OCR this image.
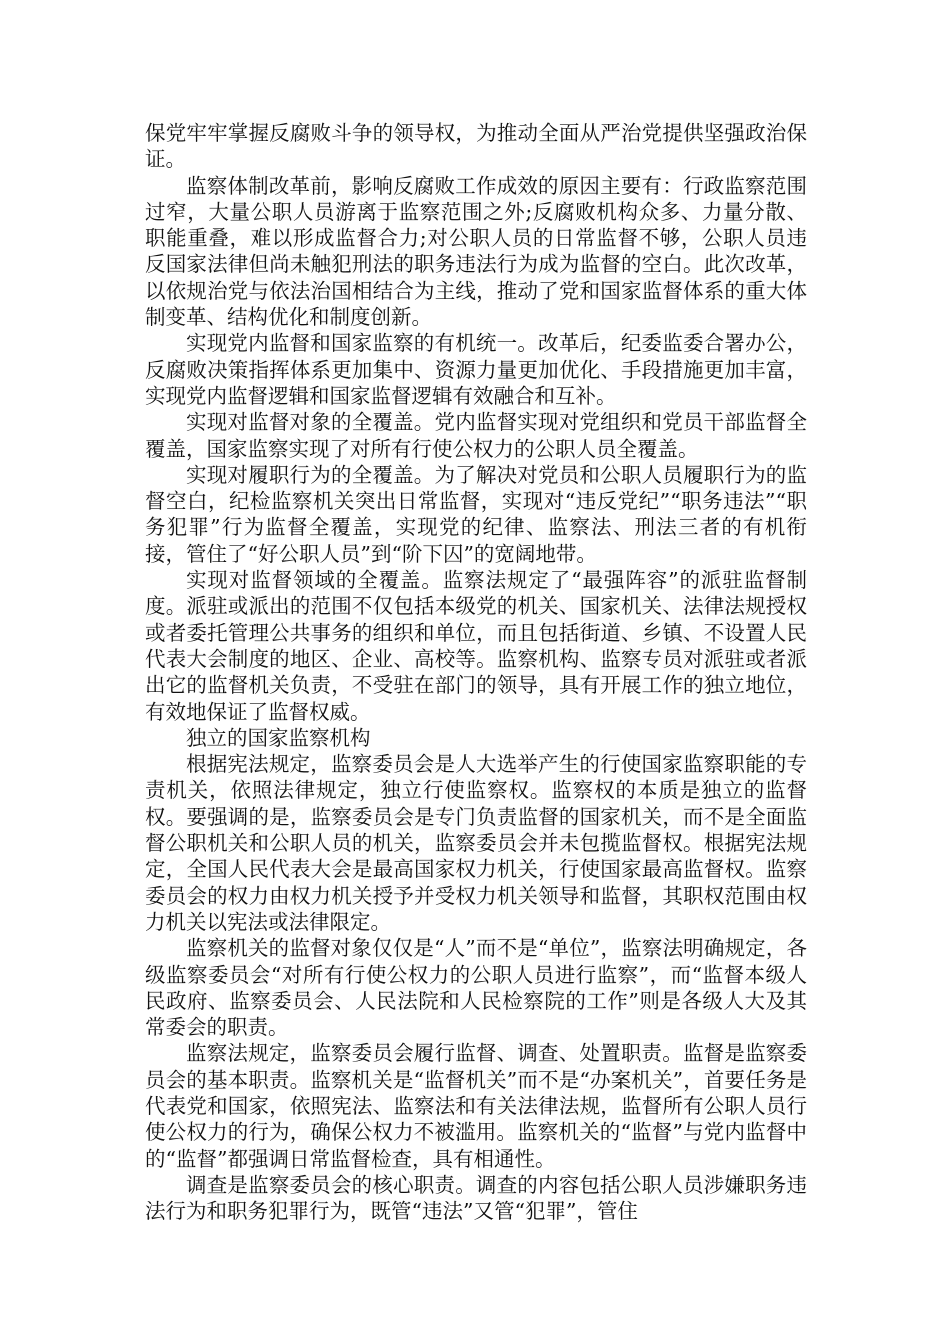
保党牢牢掌握反腐败斗争的领导权，为推动全面从严治党提供坚强政治保证。

监察体制改革前，影响反腐败工作成效的原因主要有：行政监察范围过窄，大量公职人员游离于监察范围之外;反腐败机构众多、力量分散、职能重叠，难以形成监督合力;对公职人员的日常监督不够，公职人员违反国家法律但尚未触犯刑法的职务违法行为成为监督的空白。此次改革，以依规治党与依法治国相结合为主线，推动了党和国家监督体系的重大体制变革、结构优化和制度创新。

实现党内监督和国家监察的有机统一。改革后，纪委监委合署办公，反腐败决策指挥体系更加集中、资源力量更加优化、手段措施更加丰富，实现党内监督逻辑和国家监督逻辑有效融合和互补。

实现对监督对象的全覆盖。党内监督实现对党组织和党员干部监督全覆盖，国家监察实现了对所有行使公权力的公职人员全覆盖。

实现对履职行为的全覆盖。为了解决对党员和公职人员履职行为的监督空白，纪检监察机关突出日常监督，实现对“违反党纪”“职务违法”“职务犯罪”行为监督全覆盖，实现党的纪律、监察法、刑法三者的有机衔接，管住了“好公职人员”到“阶下囚”的宽阔地带。

实现对监督领域的全覆盖。监察法规定了“最强阵容”的派驻监督制度。派驻或派出的范围不仅包括本级党的机关、国家机关、法律法规授权或者委托管理公共事务的组织和单位，而且包括街道、乡镇、不设置人民代表大会制度的地区、企业、高校等。监察机构、监察专员对派驻或者派出它的监督机关负责，不受驻在部门的领导，具有开展工作的独立地位，有效地保证了监督权威。

独立的国家监察机构

根据宪法规定，监察委员会是人大选举产生的行使国家监察职能的专责机关，依照法律规定，独立行使监察权。监察权的本质是独立的监督权。要强调的是，监察委员会是专门负责监督的国家机关，而不是全面监督公职机关和公职人员的机关，监察委员会并未包揽监督权。根据宪法规定，全国人民代表大会是最高国家权力机关，行使国家最高监督权。监察委员会的权力由权力机关授予并受权力机关领导和监督，其职权范围由权力机关以宪法或法律限定。

监察机关的监督对象仅仅是“人”而不是“单位”，监察法明确规定，各级监察委员会“对所有行使公权力的公职人员进行监察”，而“监督本级人民政府、监察委员会、人民法院和人民检察院的工作”则是各级人大及其常委会的职责。

监察法规定，监察委员会履行监督、调查、处置职责。监督是监察委员会的基本职责。监察机关是“监督机关”而不是“办案机关”，首要任务是代表党和国家，依照宪法、监察法和有关法律法规，监督所有公职人员行使公权力的行为，确保公权力不被滥用。监察机关的“监督”与党内监督中的“监督”都强调日常监督检查，具有相通性。

调查是监察委员会的核心职责。调查的内容包括公职人员涉嫌职务违法行为和职务犯罪行为，既管“违法”又管“犯罪”，管住
